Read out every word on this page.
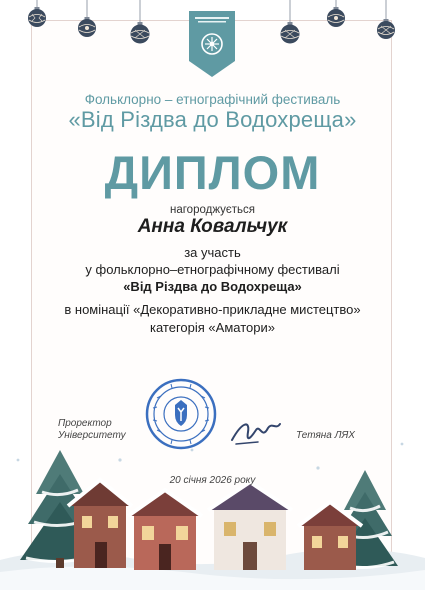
Фольклорно – етнографічний фестиваль
«Від Різдва до Водохреща»
ДИПЛОМ
нагороджується
Анна Ковальчук
за участь
у фольклорно–етнографічному фестивалі
«Від Різдва до Водохреща»
в номінації «Декоративно-прикладне мистецтво»
категорія «Аматори»
Проректор
Університету	Тетяна ЛЯХ
20 січня 2026 року
